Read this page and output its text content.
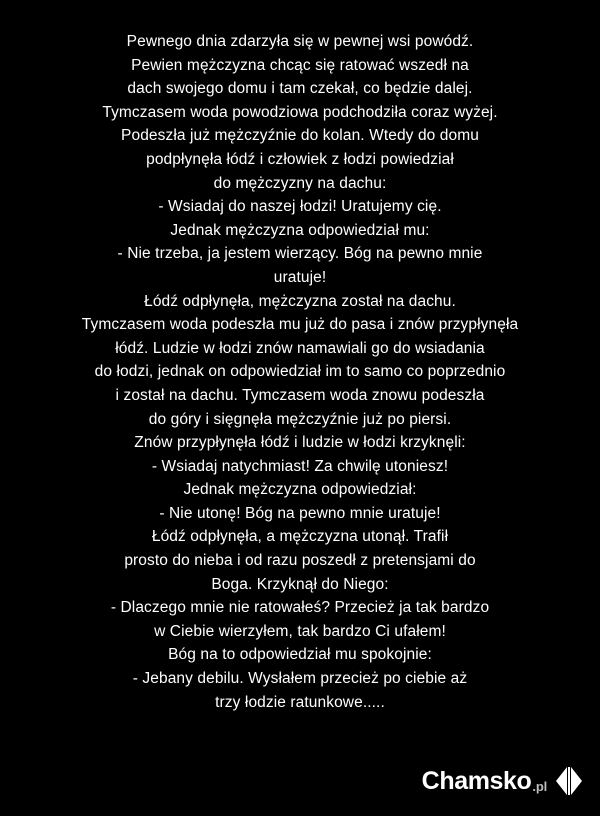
Pewnego dnia zdarzyła się w pewnej wsi powódź.
Pewien mężczyzna chcąc się ratować wszedł na
dach swojego domu i tam czekał, co będzie dalej.
Tymczasem woda powodziowa podchodziła coraz wyżej.
Podeszła już mężczyźnie do kolan. Wtedy do domu
podpłynęła łódź i człowiek z łodzi powiedział
do mężczyzny na dachu:
- Wsiadaj do naszej łodzi! Uratujemy cię.
Jednak mężczyzna odpowiedział mu:
- Nie trzeba, ja jestem wierzący. Bóg na pewno mnie
uratuje!
Łódź odpłynęła, mężczyzna został na dachu.
Tymczasem woda podeszła mu już do pasa i znów przypłynęła
łódź. Ludzie w łodzi znów namawiali go do wsiadania
do łodzi, jednak on odpowiedział im to samo co poprzednio
i został na dachu. Tymczasem woda znowu podeszła
do góry i sięgnęła mężczyźnie już po piersi.
Znów przypłynęła łódź i ludzie w łodzi krzyknęli:
- Wsiadaj natychmiast! Za chwilę utoniesz!
Jednak mężczyzna odpowiedział:
- Nie utonę! Bóg na pewno mnie uratuje!
Łódź odpłynęła, a mężczyzna utonął. Trafił
prosto do nieba i od razu poszedł z pretensjami do
Boga. Krzyknął do Niego:
- Dlaczego mnie nie ratowałeś? Przecież ja tak bardzo
w Ciebie wierzyłem, tak bardzo Ci ufałem!
Bóg na to odpowiedział mu spokojnie:
- Jebany debilu. Wysłałem przecież po ciebie aż
trzy łodzie ratunkowe.....
Chamsko .pl
